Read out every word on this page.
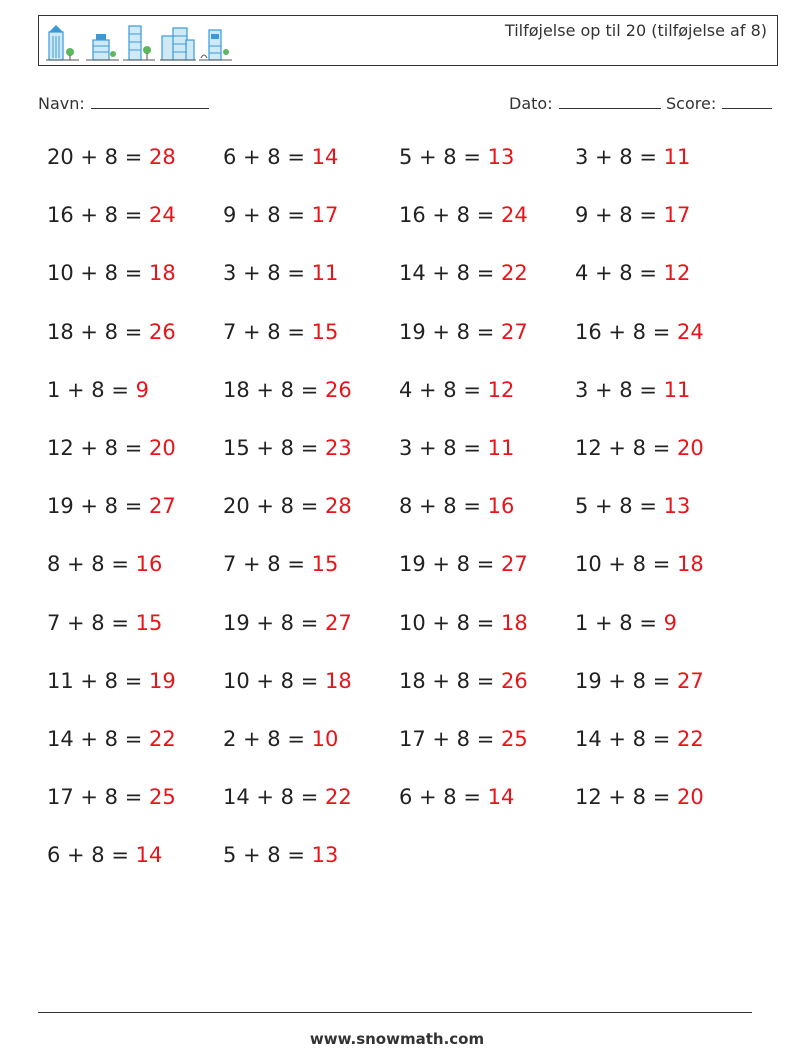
Tilføjelse op til 20 (tilføjelse af 8)
Navn:	Dato:	Score:
20 + 8 = 28	6 + 8 = 14	5 + 8 = 13	3 + 8 = 11
16 + 8 = 24	9 + 8 = 17	16 + 8 = 24	9 + 8 = 17
10 + 8 = 18	3 + 8 = 11	14 + 8 = 22	4 + 8 = 12
18 + 8 = 26	7 + 8 = 15	19 + 8 = 27	16 + 8 = 24
1 + 8 = 9	18 + 8 = 26	4 + 8 = 12	3 + 8 = 11
12 + 8 = 20	15 + 8 = 23	3 + 8 = 11	12 + 8 = 20
19 + 8 = 27	20 + 8 = 28	8 + 8 = 16	5 + 8 = 13
8 + 8 = 16	7 + 8 = 15	19 + 8 = 27	10 + 8 = 18
7 + 8 = 15	19 + 8 = 27	10 + 8 = 18	1 + 8 = 9
11 + 8 = 19	10 + 8 = 18	18 + 8 = 26	19 + 8 = 27
14 + 8 = 22	2 + 8 = 10	17 + 8 = 25	14 + 8 = 22
17 + 8 = 25	14 + 8 = 22	6 + 8 = 14	12 + 8 = 20
6 + 8 = 14	5 + 8 = 13
www.snowmath.com
